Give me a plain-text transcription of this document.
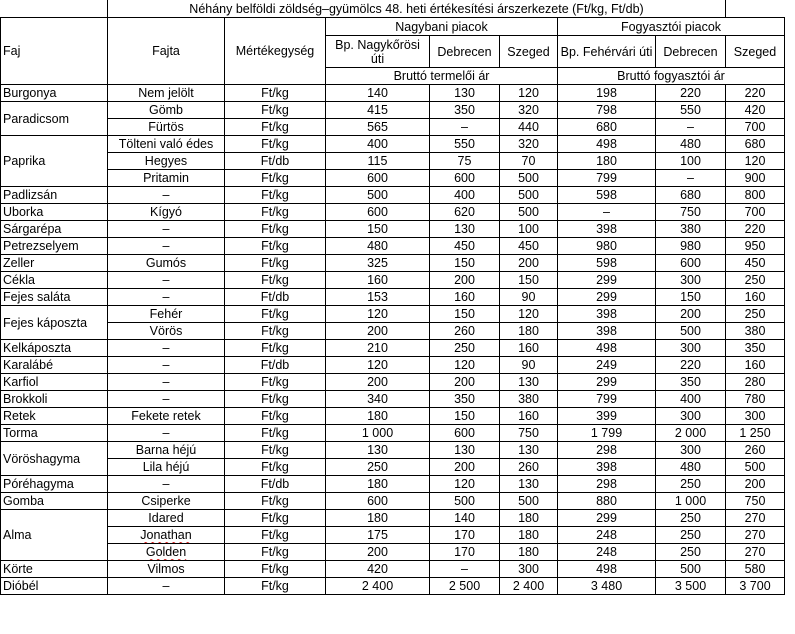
	Néhány belföldi zöldség–gyümölcs 48. heti értékesítési árszerkezete (Ft/kg, Ft/db)							
Faj	Fajta	Mértékegység	Nagybani piacok			Fogyasztói piacok		
			Bp. Nagykőrösi úti	Debrecen	Szeged	Bp. Fehérvári úti	Debrecen	Szeged
			Bruttó termelői ár			Bruttó fogyasztói ár		
Burgonya	Nem jelölt	Ft/kg	140	130	120	198	220	220
Paradicsom	Gömb	Ft/kg	415	350	320	798	550	420
	Fürtös	Ft/kg	565	–	440	680	–	700
Paprika	Tölteni való édes	Ft/kg	400	550	320	498	480	680
	Hegyes	Ft/db	115	75	70	180	100	120
	Pritamin	Ft/kg	600	600	500	799	–	900
Padlizsán	–	Ft/kg	500	400	500	598	680	800
Uborka	Kígyó	Ft/kg	600	620	500	–	750	700
Sárgarépa	–	Ft/kg	150	130	100	398	380	220
Petrezselyem	–	Ft/kg	480	450	450	980	980	950
Zeller	Gumós	Ft/kg	325	150	200	598	600	450
Cékla	–	Ft/kg	160	200	150	299	300	250
Fejes saláta	–	Ft/db	153	160	90	299	150	160
Fejes káposzta	Fehér	Ft/kg	120	150	120	398	200	250
	Vörös	Ft/kg	200	260	180	398	500	380
Kelkáposzta	–	Ft/kg	210	250	160	498	300	350
Karalábé	–	Ft/db	120	120	90	249	220	160
Karfiol	–	Ft/kg	200	200	130	299	350	280
Brokkoli	–	Ft/kg	340	350	380	799	400	780
Retek	Fekete retek	Ft/kg	180	150	160	399	300	300
Torma	–	Ft/kg	1 000	600	750	1 799	2 000	1 250
Vöröshagyma	Barna héjú	Ft/kg	130	130	130	298	300	260
	Lila héjú	Ft/kg	250	200	260	398	480	500
Póréhagyma	–	Ft/db	180	120	130	298	250	200
Gomba	Csiperke	Ft/kg	600	500	500	880	1 000	750
Alma	Idared	Ft/kg	180	140	180	299	250	270
	Jonathan	Ft/kg	175	170	180	248	250	270
	Golden	Ft/kg	200	170	180	248	250	270
Körte	Vilmos	Ft/kg	420	–	300	498	500	580
Dióbél	–	Ft/kg	2 400	2 500	2 400	3 480	3 500	3 700
